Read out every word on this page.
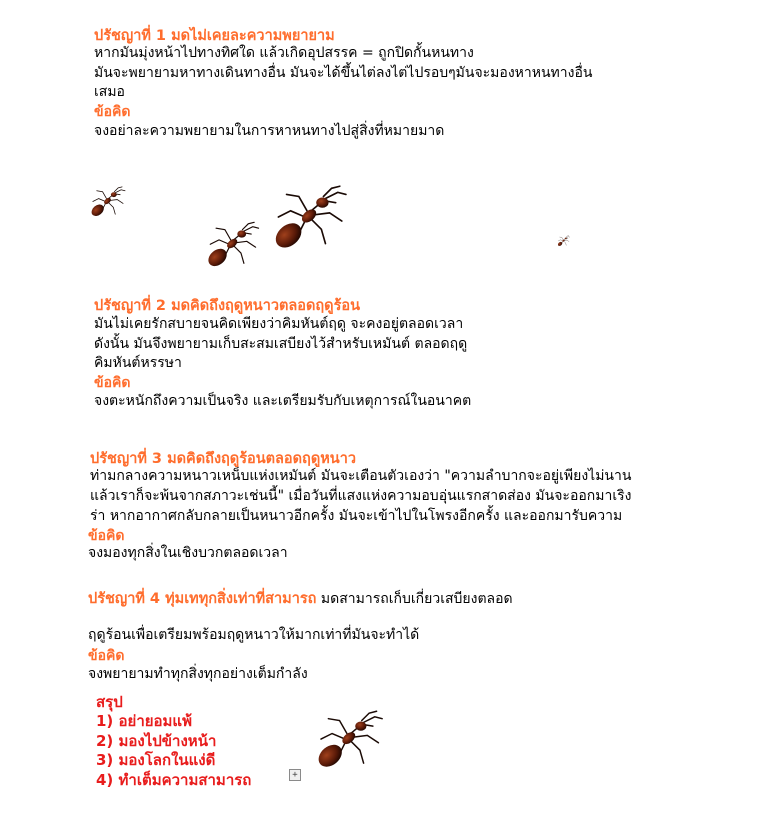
ปรัชญาที่ 1 มดไม่เคยละความพยายาม
หากมันมุ่งหน้าไปทางทิศใด แล้วเกิดอุปสรรค = ถูกปิดกั้นหนทาง
มันจะพยายามหาทางเดินทางอื่น มันจะได้ขึ้นไต่ลงไต่ไปรอบๆมันจะมองหาหนทางอื่น
เสมอ
ข้อคิด
จงอย่าละความพยายามในการหาหนทางไปสู่สิ่งที่หมายมาด
ปรัชญาที่ 2 มดคิดถึงฤดูหนาวตลอดฤดูร้อน
มันไม่เคยรักสบายจนคิดเพียงว่าคิมหันต์ฤดู จะคงอยู่ตลอดเวลา
ดังนั้น มันจึงพยายามเก็บสะสมเสบียงไว้สำหรับเหมันต์ ตลอดฤดู
คิมหันต์หรรษา
ข้อคิด
จงตะหนักถึงความเป็นจริง และเตรียมรับกับเหตุการณ์ในอนาคต
ปรัชญาที่ 3 มดคิดถึงฤดูร้อนตลอดฤดูหนาว
ท่ามกลางความหนาวเหน็บแห่งเหมันต์ มันจะเตือนตัวเองว่า "ความลำบากจะอยู่เพียงไม่นาน
แล้วเราก็จะพ้นจากสภาวะเช่นนี้" เมื่อวันที่แสงแห่งความอบอุ่นแรกสาดส่อง มันจะออกมาเริง
ร่า หากอากาศกลับกลายเป็นหนาวอีกครั้ง มันจะเข้าไปในโพรงอีกครั้ง และออกมารับความ
ข้อคิด
จงมองทุกสิ่งในเชิงบวกตลอดเวลา
ปรัชญาที่ 4 ทุ่มเททุกสิ่งเท่าที่สามารถ มดสามารถเก็บเกี่ยวเสบียงตลอด
ฤดูร้อนเพื่อเตรียมพร้อมฤดูหนาวให้มากเท่าที่มันจะทำได้
ข้อคิด
จงพยายามทำทุกสิ่งทุกอย่างเต็มกำลัง
สรุป
1) อย่ายอมแพ้
2) มองไปข้างหน้า
3) มองโลกในแง่ดี
4) ทำเต็มความสามารถ	+
